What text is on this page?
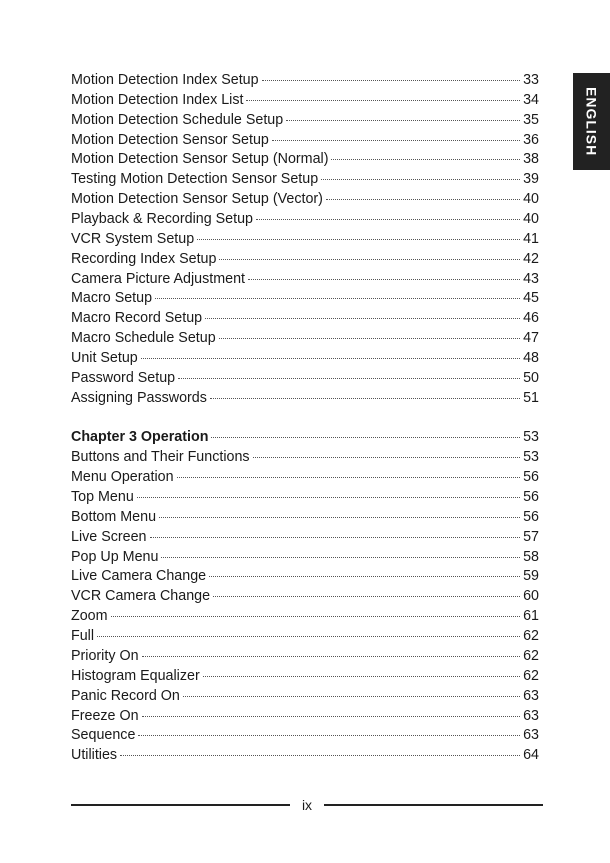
ENGLISH
Motion Detection Index Setup	33
Motion Detection Index List	34
Motion Detection Schedule Setup	35
Motion Detection Sensor Setup	36
Motion Detection Sensor Setup (Normal)	38
Testing Motion Detection Sensor Setup	39
Motion Detection Sensor Setup (Vector)	40
Playback & Recording Setup	40
VCR System Setup	41
Recording Index Setup	42
Camera Picture Adjustment	43
Macro Setup	45
Macro Record Setup	46
Macro Schedule Setup	47
Unit Setup	48
Password Setup	50
Assigning Passwords	51
Chapter 3 Operation	53
Buttons and Their Functions	53
Menu Operation	56
Top Menu	56
Bottom Menu	56
Live Screen	57
Pop Up Menu	58
Live Camera Change	59
VCR Camera Change	60
Zoom	61
Full	62
Priority On	62
Histogram Equalizer	62
Panic Record On	63
Freeze On	63
Sequence	63
Utilities	64
ix
